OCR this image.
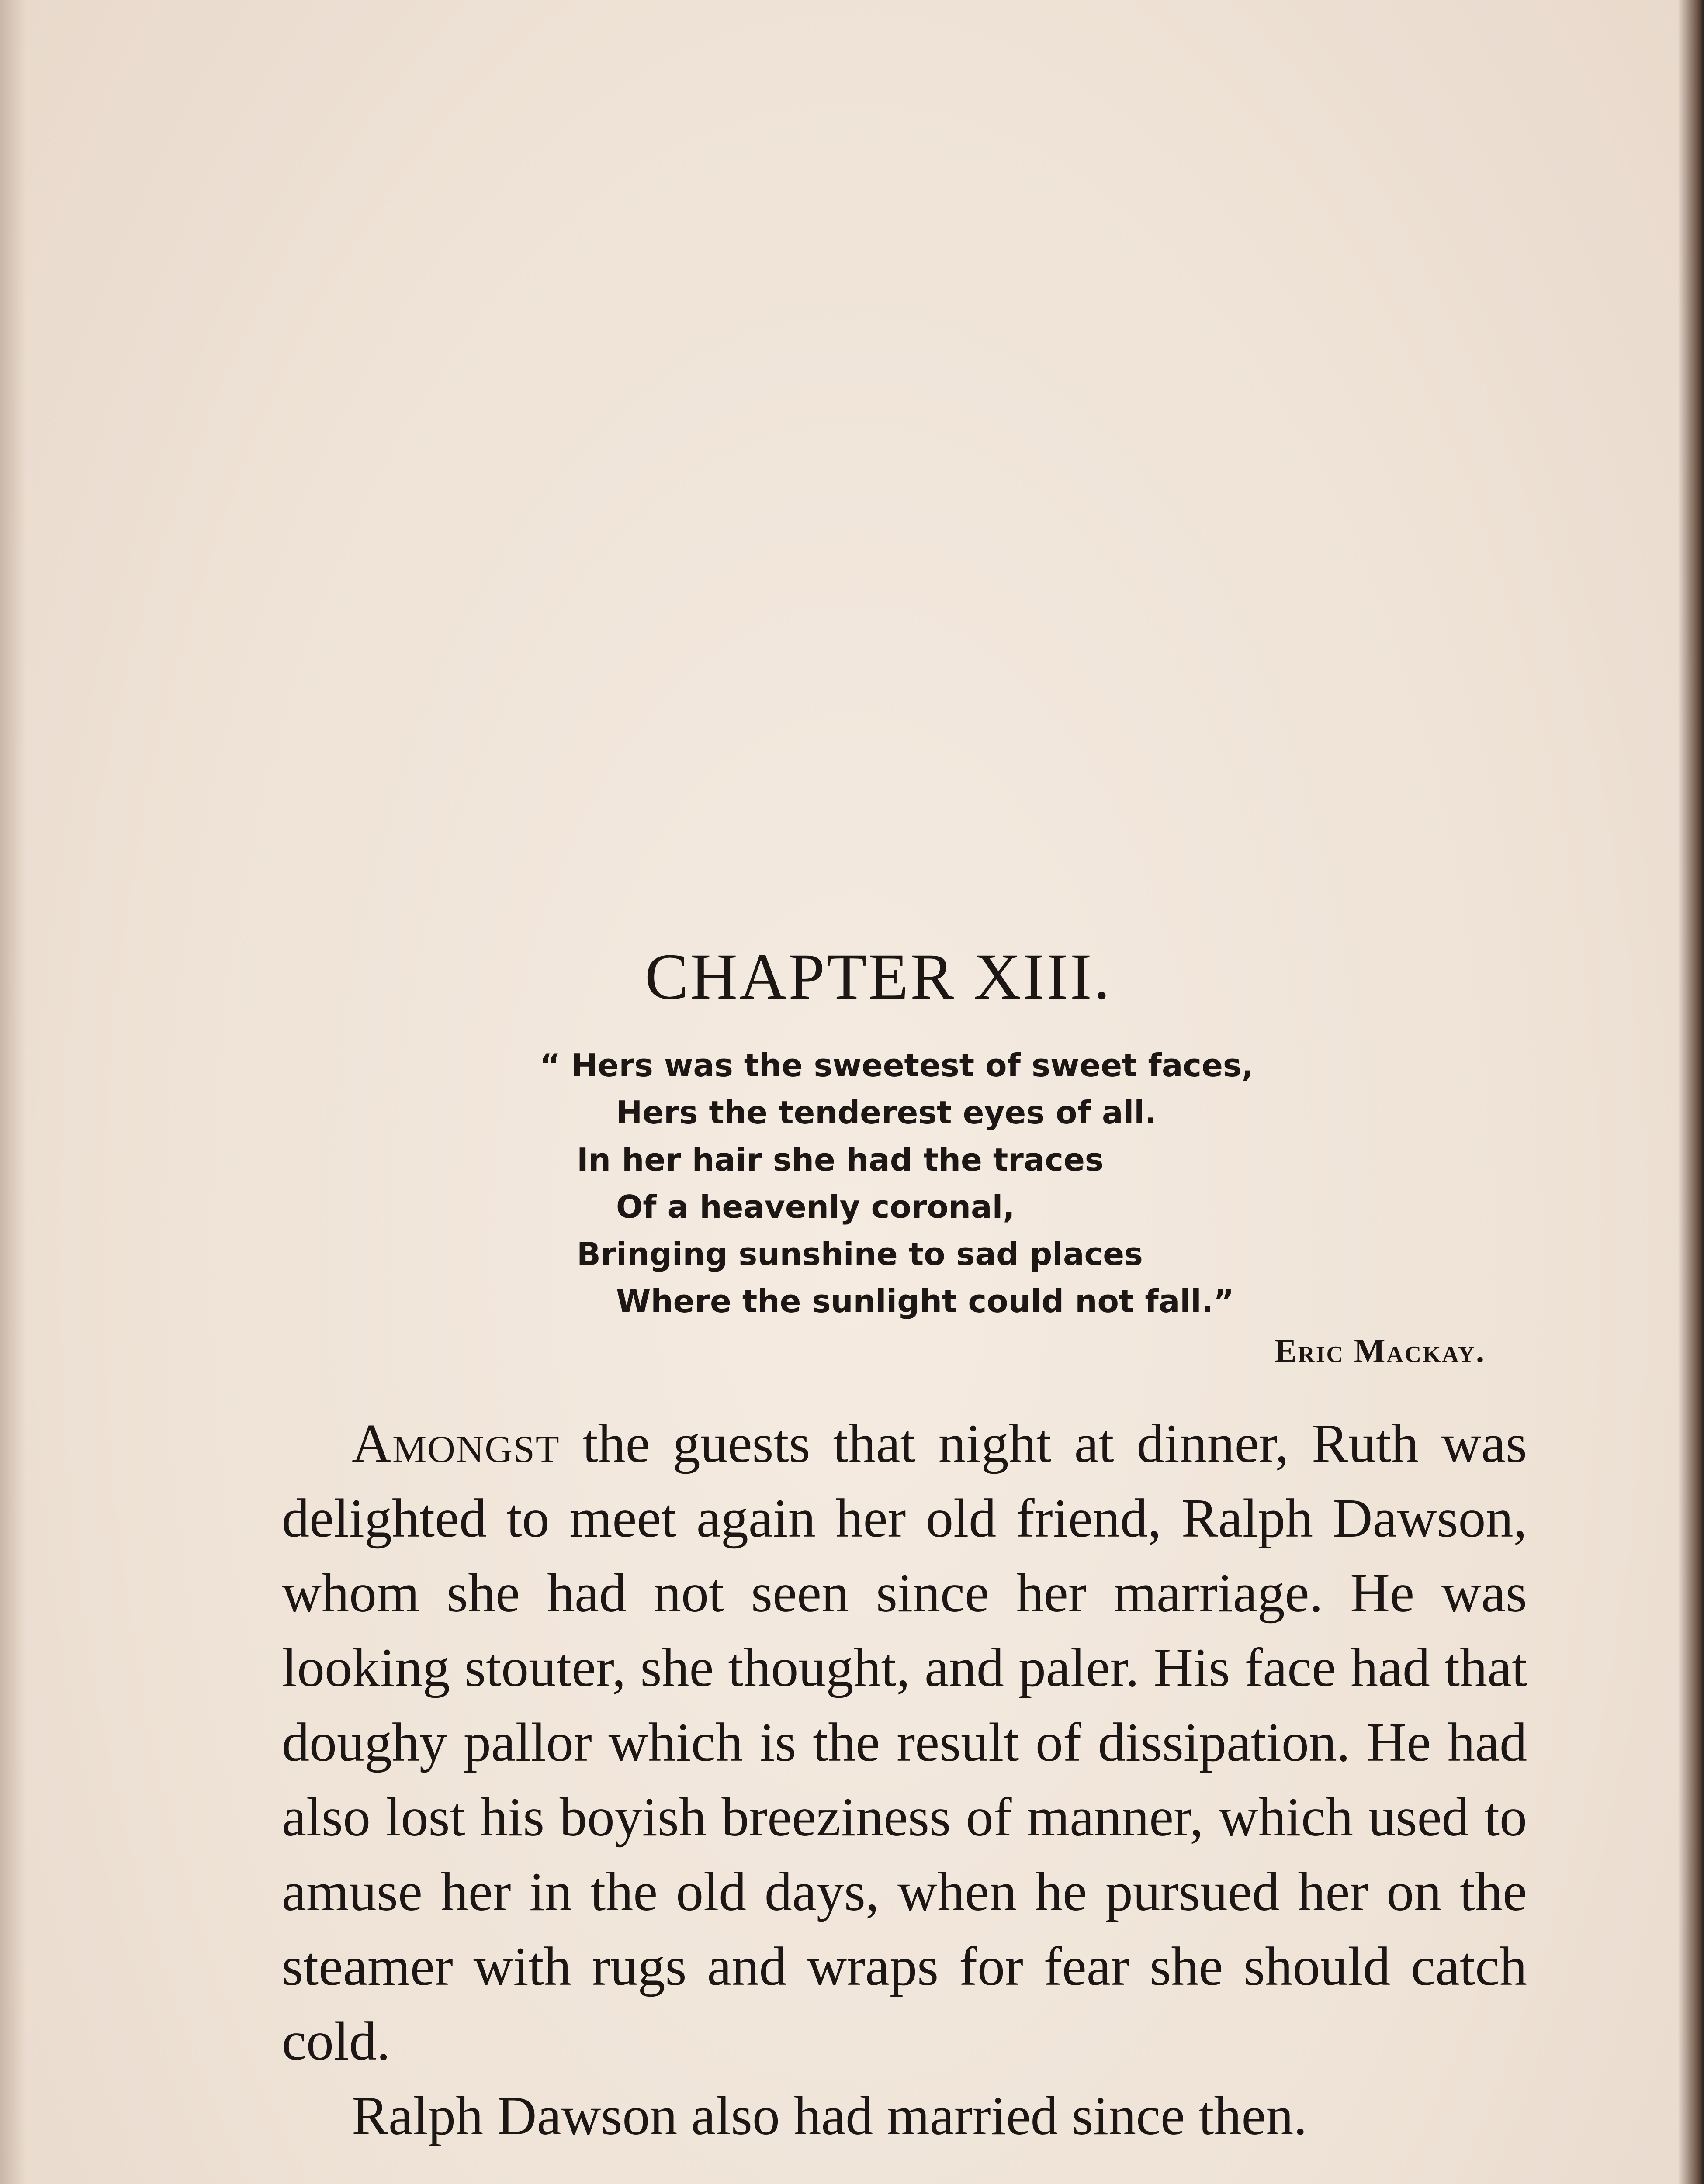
CHAPTER XIII.
“ Hers was the sweetest of sweet faces,
Hers the tenderest eyes of all.
In her hair she had the traces
Of a heavenly coronal,
Bringing sunshine to sad places
Where the sunlight could not fall.”
Eric Mackay.

Amongst the guests that night at dinner, Ruth was delighted to meet again her old friend, Ralph Dawson, whom she had not seen since her marriage. He was looking stouter, she thought, and paler. His face had that doughy pallor which is the result of dissipation. He had also lost his boyish breeziness of manner, which used to amuse her in the old days, when he pursued her on the steamer with rugs and wraps for fear she should catch cold.

Ralph Dawson also had married since then.
